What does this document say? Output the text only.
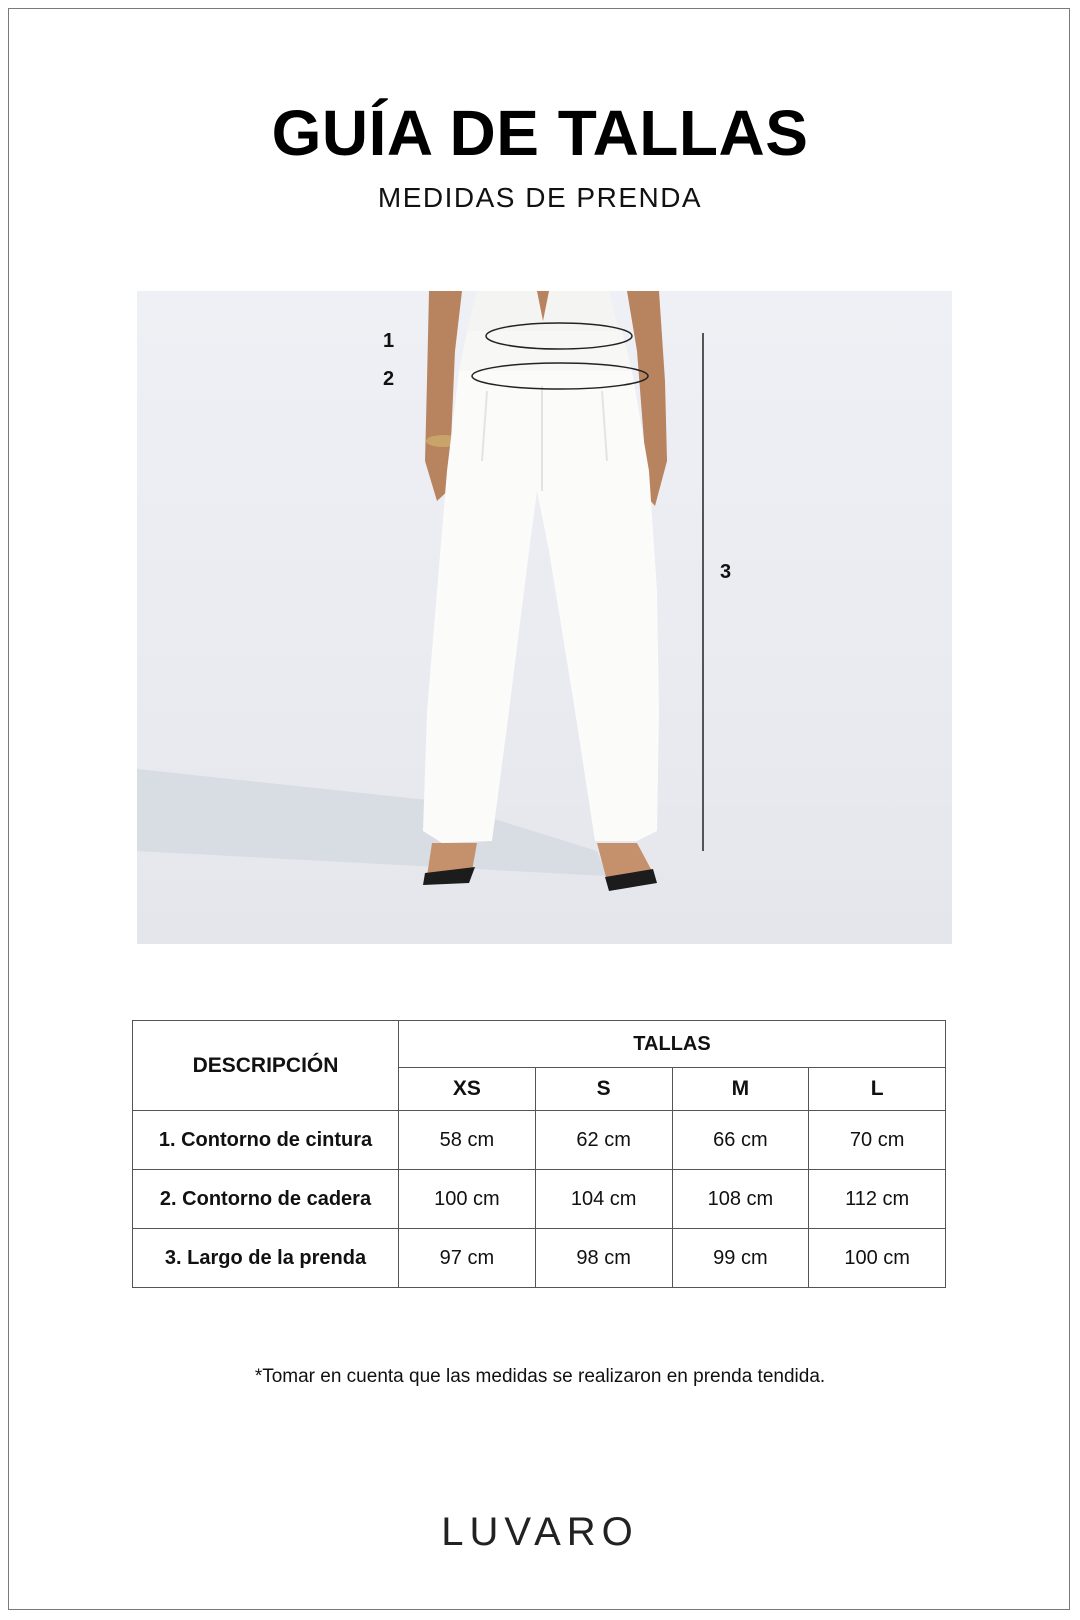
GUÍA DE TALLAS
MEDIDAS DE PRENDA
1
2
3
DESCRIPCIÓN	TALLAS			
	XS	S	M	L
1. Contorno de cintura	58 cm	62 cm	66 cm	70 cm
2. Contorno de cadera	100 cm	104 cm	108 cm	112 cm
3. Largo de la prenda	97 cm	98 cm	99 cm	100 cm
*Tomar en cuenta que las medidas se realizaron en prenda tendida.
LUVARO
